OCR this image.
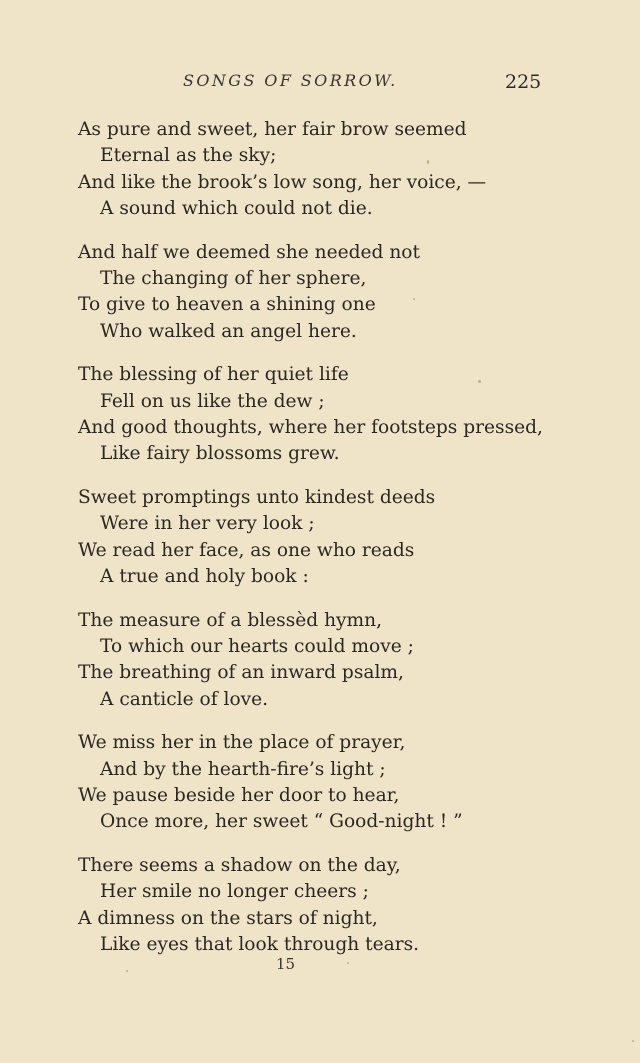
SONGS OF SORROW.	225
As pure and sweet, her fair brow seemed
Eternal as the sky;
And like the brook’s low song, her voice, —
A sound which could not die.
And half we deemed she needed not
The changing of her sphere,
To give to heaven a shining one
Who walked an angel here.
The blessing of her quiet life
Fell on us like the dew ;
And good thoughts, where her footsteps pressed,
Like fairy blossoms grew.
Sweet promptings unto kindest deeds
Were in her very look ;
We read her face, as one who reads
A true and holy book :
The measure of a blessèd hymn,
To which our hearts could move ;
The breathing of an inward psalm,
A canticle of love.
We miss her in the place of prayer,
And by the hearth-fire’s light ;
We pause beside her door to hear,
Once more, her sweet “ Good-night ! ”
There seems a shadow on the day,
Her smile no longer cheers ;
A dimness on the stars of night,
Like eyes that look through tears.
15
